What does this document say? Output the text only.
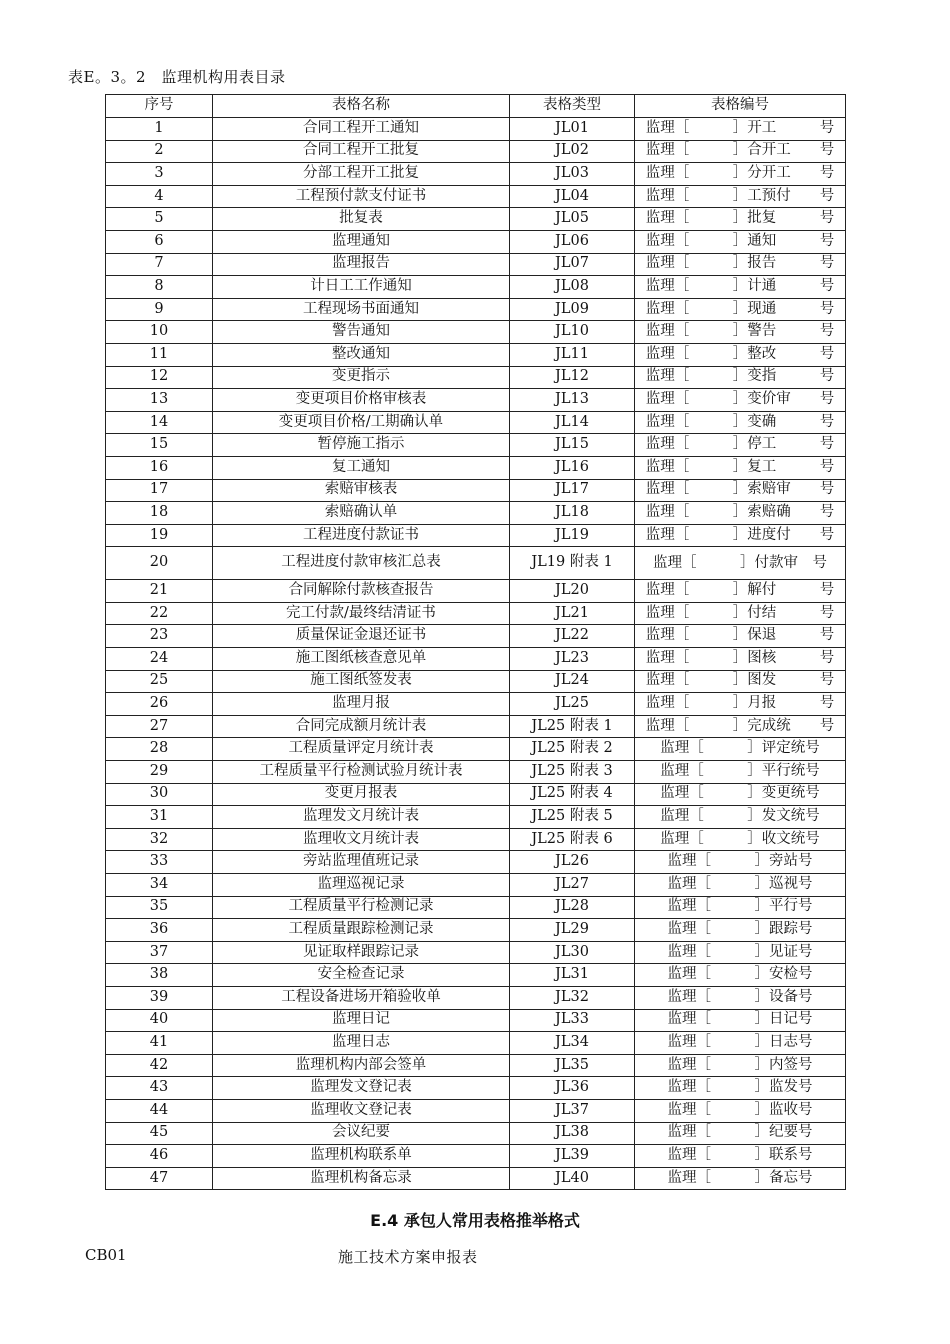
表E。3。2　监理机构用表目录
序号	表格名称	表格类型	表格编号
1	合同工程开工通知	JL01	监理［　　　］开工　　　号
2	合同工程开工批复	JL02	监理［　　　］合开工　　号
3	分部工程开工批复	JL03	监理［　　　］分开工　　号
4	工程预付款支付证书	JL04	监理［　　　］工预付　　号
5	批复表	JL05	监理［　　　］批复　　　号
6	监理通知	JL06	监理［　　　］通知　　　号
7	监理报告	JL07	监理［　　　］报告　　　号
8	计日工工作通知	JL08	监理［　　　］计通　　　号
9	工程现场书面通知	JL09	监理［　　　］现通　　　号
10	警告通知	JL10	监理［　　　］警告　　　号
11	整改通知	JL11	监理［　　　］整改　　　号
12	变更指示	JL12	监理［　　　］变指　　　号
13	变更项目价格审核表	JL13	监理［　　　］变价审　　号
14	变更项目价格/工期确认单	JL14	监理［　　　］变确　　　号
15	暂停施工指示	JL15	监理［　　　］停工　　　号
16	复工通知	JL16	监理［　　　］复工　　　号
17	索赔审核表	JL17	监理［　　　］索赔审　　号
18	索赔确认单	JL18	监理［　　　］索赔确　　号
19	工程进度付款证书	JL19	监理［　　　］进度付　　号
20	工程进度付款审核汇总表	JL19 附表 1	监理［　　　］付款审　号
21	合同解除付款核查报告	JL20	监理［　　　］解付　　　号
22	完工付款/最终结清证书	JL21	监理［　　　］付结　　　号
23	质量保证金退还证书	JL22	监理［　　　］保退　　　号
24	施工图纸核查意见单	JL23	监理［　　　］图核　　　号
25	施工图纸签发表	JL24	监理［　　　］图发　　　号
26	监理月报	JL25	监理［　　　］月报　　　号
27	合同完成额月统计表	JL25 附表 1	监理［　　　］完成统　　号
28	工程质量评定月统计表	JL25 附表 2	监理［　　　］评定统号
29	工程质量平行检测试验月统计表	JL25 附表 3	监理［　　　］平行统号
30	变更月报表	JL25 附表 4	监理［　　　］变更统号
31	监理发文月统计表	JL25 附表 5	监理［　　　］发文统号
32	监理收文月统计表	JL25 附表 6	监理［　　　］收文统号
33	旁站监理值班记录	JL26	监理［　　　］旁站号
34	监理巡视记录	JL27	监理［　　　］巡视号
35	工程质量平行检测记录	JL28	监理［　　　］平行号
36	工程质量跟踪检测记录	JL29	监理［　　　］跟踪号
37	见证取样跟踪记录	JL30	监理［　　　］见证号
38	安全检查记录	JL31	监理［　　　］安检号
39	工程设备进场开箱验收单	JL32	监理［　　　］设备号
40	监理日记	JL33	监理［　　　］日记号
41	监理日志	JL34	监理［　　　］日志号
42	监理机构内部会签单	JL35	监理［　　　］内签号
43	监理发文登记表	JL36	监理［　　　］监发号
44	监理收文登记表	JL37	监理［　　　］监收号
45	会议纪要	JL38	监理［　　　］纪要号
46	监理机构联系单	JL39	监理［　　　］联系号
47	监理机构备忘录	JL40	监理［　　　］备忘号
E.4 承包人常用表格推举格式
CB01	施工技术方案申报表
